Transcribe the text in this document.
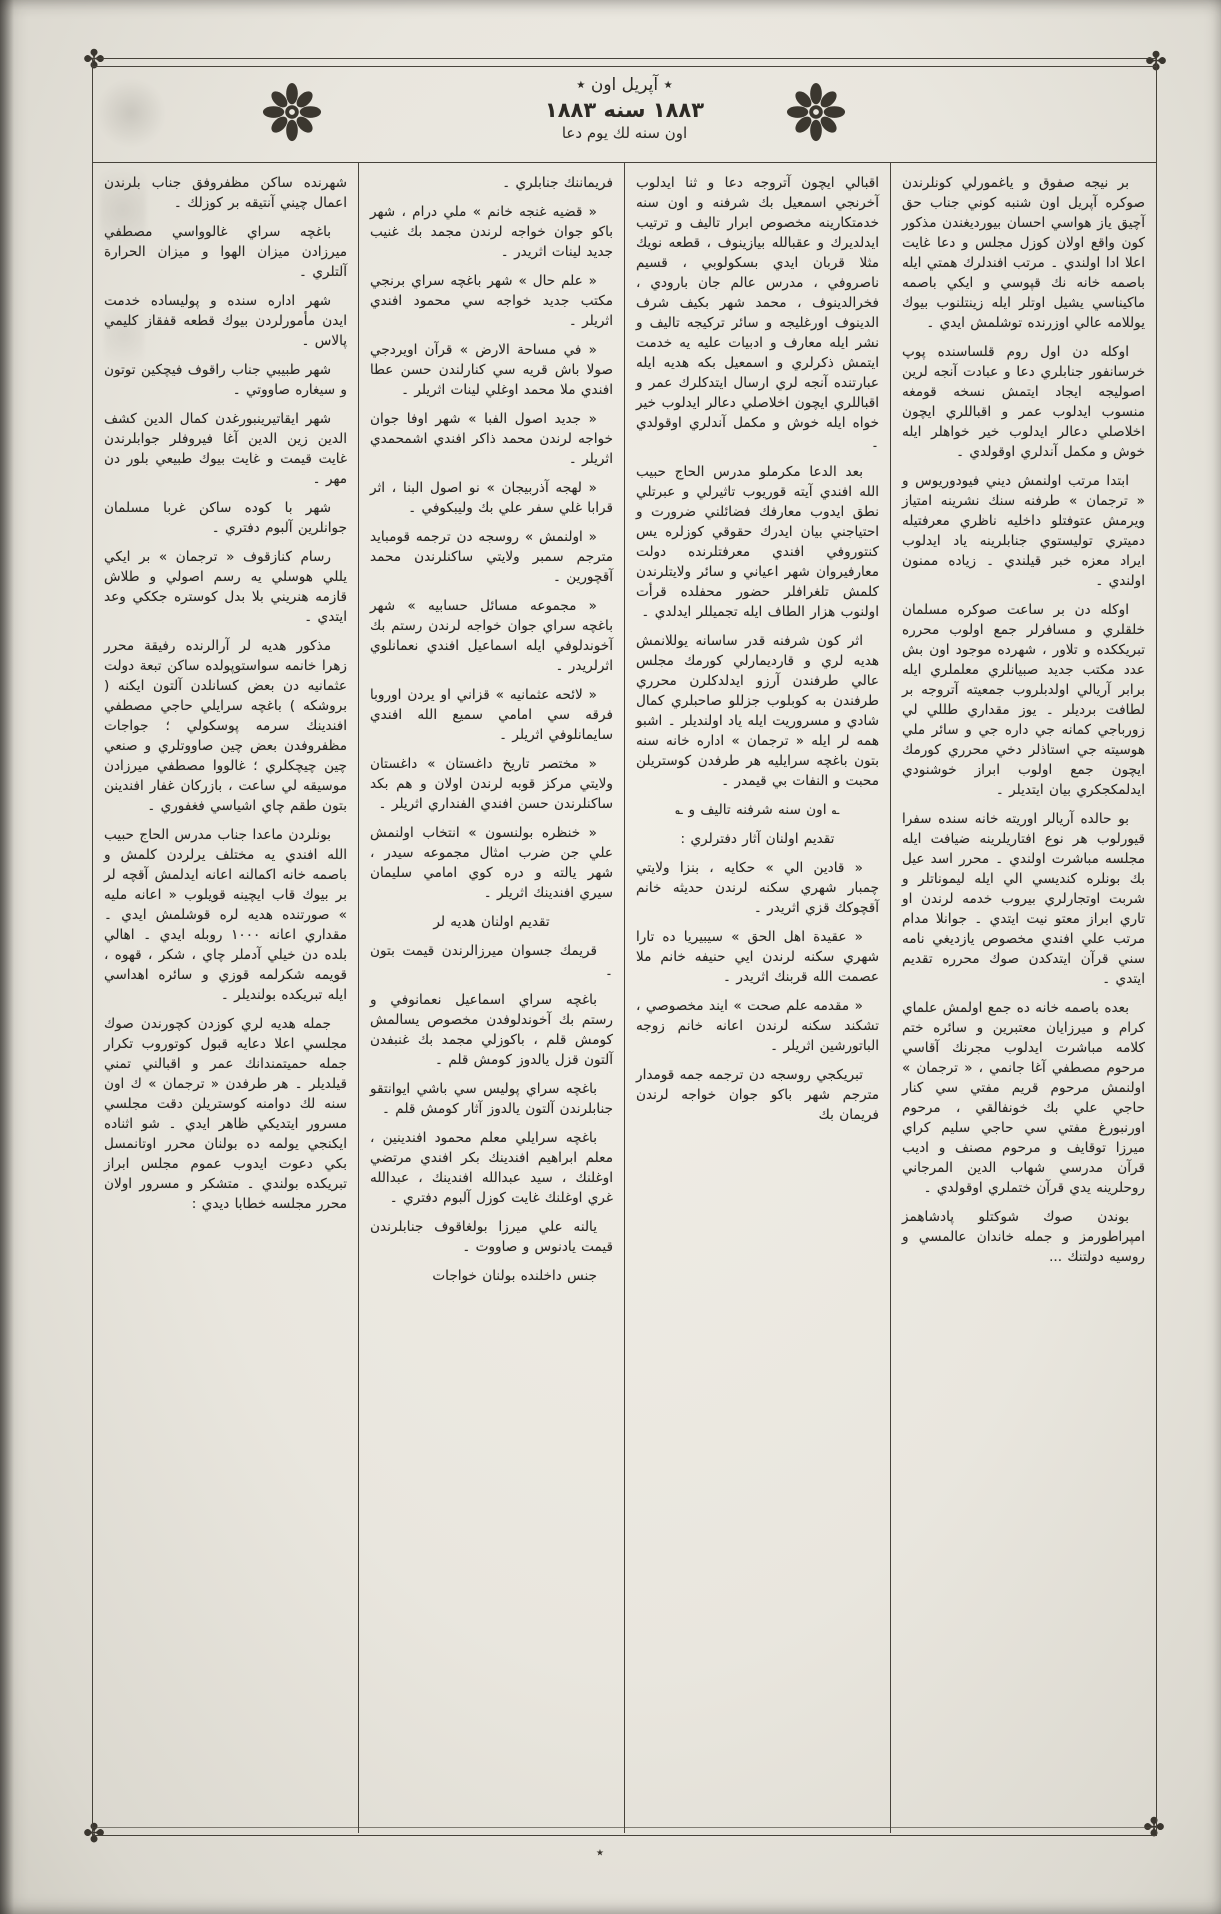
✤	✤
✤	✤
٭ آپريل اون ٭
١٨٨٣ سنه ١٨٨٣
اون سنه لك يوم دعا

بر نيجه صفوق و ياغمورلي كونلرندن صوكره آپريل اون شنبه كوني جناب حق آچيق ياز هواسي احسان بيورديغندن مذكور كون واقع اولان كوزل مجلس و دعا غايت اعلا ادا اولندي ۔ مرتب افندلرك همتي ايله باصمه خانه نك قپوسي و ايكي باصمه ماكيناسي يشيل اوتلر ايله زينتلنوب بيوك يوللامه عالي اوزرنده توشلمش ايدي ۔

اوكله دن اول روم قلساسنده پوپ خرسانفور جنابلري دعا و عبادت آنجه لرين اصوليجه ايجاد ايتمش نسخه قومغه منسوب ايدلوب عمر و اقباللري ايچون اخلاصلي دعالر ايدلوب خير خواهلر ايله خوش و مكمل آندلري اوقولدي ۔

ابتدا مرتب اولنمش ديني فيودوريوس و « ترجمان » طرفنه سنك نشرينه امتياز ويرمش عتوفتلو داخليه ناظري معرفتيله دميتري توليستوي جنابلرينه ياد ايدلوب ايراد معزه خبر قيلندي ۔ زياده ممنون اولندي ۔

اوكله دن بر ساعت صوكره مسلمان خلقلري و مسافرلر جمع اولوب محرره تبريككده و تلاور ، شهرده موجود اون بش عدد مكتب جديد صبيانلري معلملري ايله برابر آريالي اولدبلروب جمعيته آتروجه بر لطافت برديلر ۔ يوز مقداري طللي لي زورباجي كمانه جي داره جي و سائر ملي هوسيته جي استاذلر دخي محرري كورمك ايچون جمع اولوب ابراز خوشنودي ايدلمكجكري بيان ايتديلر ۔

بو حالده آريالر اوريته خانه سنده سفرا قيورلوب هر نوع افتاريلرينه ضيافت ايله مجلسه مباشرت اولندي ۔ محرر اسد عيل بك بونلره كنديسي الي ايله ليموناتلر و شربت اوتجارلري بيروب خدمه لرندن او تاري ابراز معتو نيت ايتدي ۔ جوانلا مدام مرتب علي افندي مخصوص يازديغي نامه سني قرآن ايتدكدن صوك محرره تقديم ايتدي ۔

بعده باصمه خانه ده جمع اولمش علماي كرام و ميرزايان معتبرين و سائره ختم كلامه مباشرت ايدلوب مجرنك آقاسي مرحوم مصطفي آغا جانمي ، « ترجمان » اولنمش مرحوم قريم مفتي سي كنار حاجي علي بك خونفالقي ، مرحوم اورنبورغ مفتي سي حاجي سليم كراي ميرزا توقايف و مرحوم مصنف و اديب قرآن مدرسي شهاب الدين المرجاني روحلرينه يدي قرآن ختملري اوقولدي ۔

بوندن صوك شوكتلو پادشاهمز امپراطورمز و جمله خاندان عالمسي و روسيه دولتنك ...

اقبالي ايچون آتروجه دعا و ثنا ايدلوب آخرنجي اسمعيل بك شرفنه و اون سنه خدمتكارينه مخصوص ابرار تاليف و ترتيب ايدلديرك و عقبالله بيازينوف ، قطعه نويك مثلا قربان ايدي بسكولوبي ، قسيم ناصروفي ، مدرس عالم جان بارودي ، فخرالدينوف ، محمد شهر بكيف شرف الدينوف اورغليجه و سائر تركيجه تاليف و نشر ايله معارف و ادبيات عليه يه خدمت ايتمش ذكرلري و اسمعيل بكه هديه ايله عبارتنده آنجه لري ارسال ايتدكلرك عمر و اقباللري ايچون اخلاصلي دعالر ايدلوب خير خواه ايله خوش و مكمل آندلري اوقولدي ۔

بعد الدعا مكرملو مدرس الحاج حبيب الله افندي آيته قوريوب تاثيرلي و عبرتلي نطق ايدوب معارفك فضائلني ضرورت و احتياجني بيان ايدرك حقوقي كوزلره يس كنتوروفي افندي معرفتلرنده دولت معارفيروان شهر اعياني و سائر ولايتلرندن كلمش تلغرافلر حضور محفلده قرأت اولنوب هزار الطاف ايله تجميللر ايدلدي ۔

اثر كون شرفنه قدر ساسانه يوللانمش هديه لري و قارديمارلي كورمك مجلس عالي طرفندن آرزو ايدلدكلرن محرري طرفندن به كوبلوب جزللو صاحبلري كمال شادي و مسروريت ايله ياد اولنديلر ۔ اشبو همه لر ايله « ترجمان » اداره خانه سنه بتون باغچه سرايليه هر طرفدن كوستريلن محبت و النفات بي قيمدر ۔

؎ اون سنه شرفنه تاليف و ؎

تقديم اولنان آثار دفترلري :

« قادين الي » حكايه ، بنزا ولايتي چمبار شهري سكنه لرندن حديثه خانم آقچوكك قزي اثريدر ۔

« عقيدة اهل الحق » سيبيريا ده تارا شهري سكنه لرندن ايي حنيفه خانم ملا عصمت الله قربنك اثريدر ۔

« مقدمه علم صحت » ايند مخصوصي ، تشكند سكنه لرندن اعانه خانم زوجه الباتورشين اثريلر ۔

تبريكجي روسجه دن ترجمه جمه قومدار مترجم شهر باكو جوان خواجه لرندن فريمان بك

فريماننك جنابلري ۔

« قضيه غنجه خانم » ملي درام ، شهر باكو جوان خواجه لرندن مجمد بك غنيب جديد لينات اثريدر ۔

« علم حال » شهر باغچه سراي برنجي مكتب جديد خواجه سي محمود افندي اثريلر ۔

« في مساحة الارض » قرآن اويردجي صولا باش قريه سي كنارلندن حسن عطا افندي ملا محمد اوغلي لينات اثريلر ۔

« جديد اصول الفبا » شهر اوفا جوان خواجه لرندن محمد ذاكر افندي اشمحمدي اثريلر ۔

« لهجه آذربيجان » نو اصول البنا ، اثر قرابا غلي سفر علي بك وليبكوفي ۔

« اولنمش » روسجه دن ترجمه قومبايد مترجم سمبر ولايتي ساكنلرندن محمد آقچورين ۔

« مجموعه مسائل حسابيه » شهر باغچه سراي جوان خواجه لرندن رستم بك آخوندلوفي ايله اسماعيل افندي نعمانلوي اثرلريدر ۔

« لائحه عثمانيه » قزاني او يردن اوروبا فرقه سي امامي سميع الله افندي سايمانلوفي اثريلر ۔

« مختصر تاريخ داغستان » داغستان ولايتي مركز قوبه لرندن اولان و هم بكد ساكنلرندن حسن افندي الفنداري اثريلر ۔

« خنظره بولنسون » انتخاب اولنمش علي جن ضرب امثال مجموعه سيدر ، شهر يالته و دره كوي امامي سليمان سيري افندينك اثريلر ۔

تقديم اولنان هديه لر

قريمك جسوان ميرزالرندن قيمت بتون ۔

باغچه سراي اسماعيل نعمانوفي و رستم بك آخوندلوفدن مخصوص يسالمش كومش قلم ، باكوزلي مجمد بك غنبفدن آلتون قزل يالدوز كومش قلم ۔

باغچه سراي پوليس سي باشي ايوانتقو جنابلرندن آلتون يالدوز آثار كومش قلم ۔

باغچه سرايلي معلم محمود افندينين ، معلم ابراهيم افندينك بكر افندي مرتضي اوغلنك ، سيد عبدالله افندينك ، عبدالله غري اوغلنك غايت كوزل آلبوم دفتري ۔

يالنه علي ميرزا بولغاقوف جنابلرندن قيمت يادنوس و صاووت ۔

جنس داخلنده بولنان خواجات

شهرنده ساكن مظفروفق جناب بلرندن اعمال چيني آنتيقه بر كوزلك ۔

باغچه سراي غالوواسي مصطفي ميرزادن ميزان الهوا و ميزان الحرارة آلتلري ۔

شهر اداره سنده و پوليساده خدمت ايدن مأمورلردن بيوك قطعه قفقاز كليمي پالاس ۔

شهر طبيبي جناب راقوف فيچكين توتون و سيغاره صاووتي ۔

شهر ايقاتيرينبورغدن كمال الدين كشف الدين زين الدين آغا فيروفلر جوابلرندن غايت قيمت و غايت بيوك طبيعي بلور دن مهر ۔

شهر با كوده ساكن غربا مسلمان جوانلرين آلبوم دفتري ۔

رسام كنازقوف « ترجمان » بر ايكي يللي هوسلي يه رسم اصولي و طلاش قازمه هنريني بلا بدل كوستره جككي وعد ايتدي ۔

مذكور هديه لر آرالرنده رفيقة محرر زهرا خانمه سواستوپولده ساكن تبعة دولت عثمانيه دن بعض كسانلدن آلتون ايكنه ( بروشكه ) باغچه سرايلي حاجي مصطفي افندينك سرمه پوسكولي ؛ جواجات مظفروفدن بعض چين صاووتلري و صنعي چين چيچكلري ؛ غالووا مصطفي ميرزادن موسيقه لي ساعت ، بازركان غفار افندينن بتون طقم چاي اشياسي فغفوري ۔

بونلردن ماعدا جناب مدرس الحاج حبيب الله افندي يه مختلف يرلردن كلمش و باصمه خانه اكمالنه اعانه ايدلمش آقچه لر بر بيوك قاب ايچينه قويلوب « اعانه مليه » صورتنده هديه لره قوشلمش ايدي ۔ مقداري اعانه ١٠٠٠ روبله ايدي ۔ اهالي بلده دن خيلي آدملر چاي ، شكر ، قهوه ، قويمه شكرلمه قوزي و سائره اهداسي ايله تبريكده بولنديلر ۔

جمله هديه لري كوزدن كچورندن صوك مجلسي اعلا دعايه قبول كوتوروب تكرار جمله حميتمندانك عمر و اقبالني تمني قيلديلر ۔ هر طرفدن « ترجمان » ك اون سنه لك دوامنه كوستريلن دقت مجلسي مسرور ايتديكي ظاهر ايدي ۔ شو اثناده ايكنجي يولمه ده بولنان محرر اوتانمسل بكي دعوت ايدوب عموم مجلس ابراز تبريكده بولندي ۔ متشكر و مسرور اولان محرر مجلسه خطابا ديدي :

٭
